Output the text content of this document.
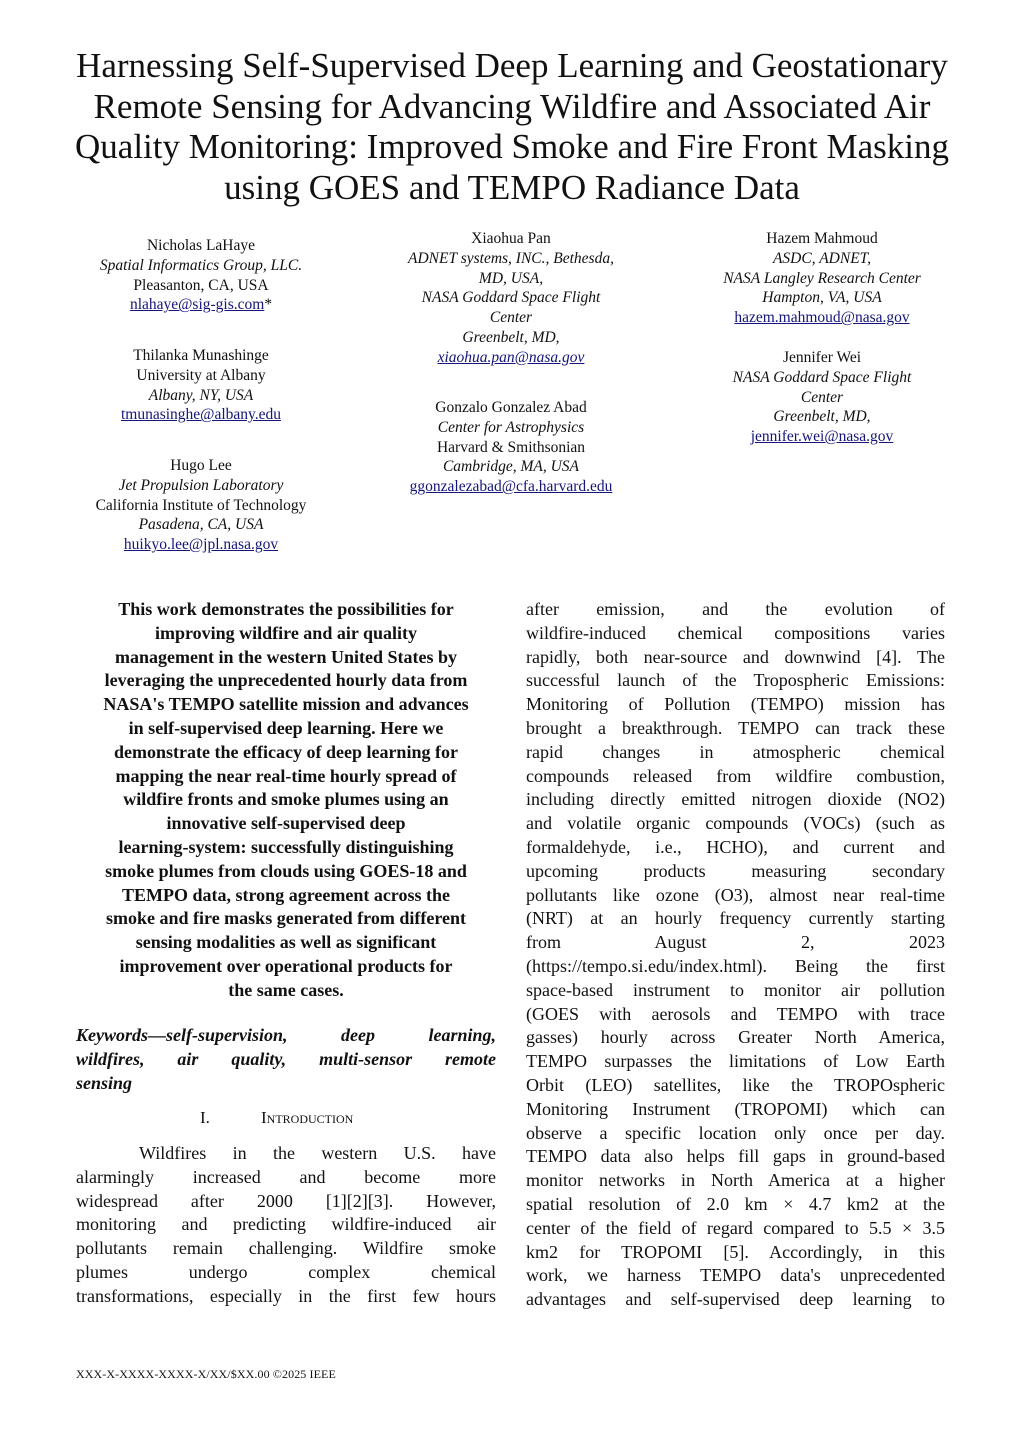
Harnessing Self-Supervised Deep Learning and Geostationary
Remote Sensing for Advancing Wildfire and Associated Air
Quality Monitoring: Improved Smoke and Fire Front Masking
using GOES and TEMPO Radiance Data
Nicholas LaHaye
Spatial Informatics Group, LLC.
Pleasanton, CA, USA
nlahaye@sig-gis.com*
Thilanka Munashinge
University at Albany
Albany, NY, USA
tmunasinghe@albany.edu
Hugo Lee
Jet Propulsion Laboratory
California Institute of Technology
Pasadena, CA, USA
huikyo.lee@jpl.nasa.gov
Xiaohua Pan
ADNET systems, INC., Bethesda,
MD, USA,
NASA Goddard Space Flight
Center
Greenbelt, MD,
xiaohua.pan@nasa.gov
Gonzalo Gonzalez Abad
Center for Astrophysics
Harvard & Smithsonian
Cambridge, MA, USA
ggonzalezabad@cfa.harvard.edu
Hazem Mahmoud
ASDC, ADNET,
NASA Langley Research Center
Hampton, VA, USA
hazem.mahmoud@nasa.gov
Jennifer Wei
NASA Goddard Space Flight
Center
Greenbelt, MD,
jennifer.wei@nasa.gov
This work demonstrates the possibilities for
improving wildfire and air quality
management in the western United States by
leveraging the unprecedented hourly data from
NASA's TEMPO satellite mission and advances
in self-supervised deep learning. Here we
demonstrate the efficacy of deep learning for
mapping the near real-time hourly spread of
wildfire fronts and smoke plumes using an
innovative self-supervised deep
learning-system: successfully distinguishing
smoke plumes from clouds using GOES-18 and
TEMPO data, strong agreement across the
smoke and fire masks generated from different
sensing modalities as well as significant
improvement over operational products for
the same cases.
Keywords—self-supervision, deep learning,
wildfires, air quality, multi-sensor remote
sensing
I.	Introduction
Wildfires in the western U.S. have
alarmingly increased and become more
widespread after 2000 [1][2][3]. However,
monitoring and predicting wildfire-induced air
pollutants remain challenging. Wildfire smoke
plumes undergo complex chemical
transformations, especially in the first few hours
after emission, and the evolution of
wildfire-induced chemical compositions varies
rapidly, both near-source and downwind [4]. The
successful launch of the Tropospheric Emissions:
Monitoring of Pollution (TEMPO) mission has
brought a breakthrough. TEMPO can track these
rapid changes in atmospheric chemical
compounds released from wildfire combustion,
including directly emitted nitrogen dioxide (NO2)
and volatile organic compounds (VOCs) (such as
formaldehyde, i.e., HCHO), and current and
upcoming products measuring secondary
pollutants like ozone (O3), almost near real-time
(NRT) at an hourly frequency currently starting
from August 2, 2023
(https://tempo.si.edu/index.html). Being the first
space-based instrument to monitor air pollution
(GOES with aerosols and TEMPO with trace
gasses) hourly across Greater North America,
TEMPO surpasses the limitations of Low Earth
Orbit (LEO) satellites, like the TROPOspheric
Monitoring Instrument (TROPOMI) which can
observe a specific location only once per day.
TEMPO data also helps fill gaps in ground-based
monitor networks in North America at a higher
spatial resolution of 2.0 km × 4.7 km2 at the
center of the field of regard compared to 5.5 × 3.5
km2 for TROPOMI [5]. Accordingly, in this
work, we harness TEMPO data's unprecedented
advantages and self-supervised deep learning to
XXX-X-XXXX-XXXX-X/XX/$XX.00 ©2025 IEEE
